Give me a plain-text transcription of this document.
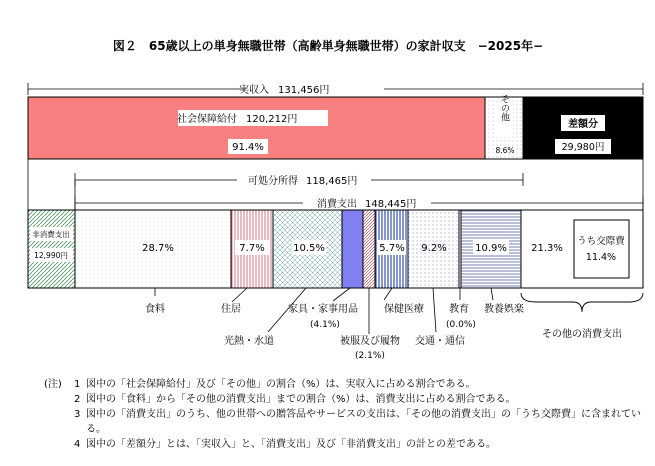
図２　65歳以上の単身無職世帯（高齢単身無職世帯）の家計収支　−2025年−
実収入 131,456円
社会保障給付 120,212円
91.4%
その他
8.6%
差額分
29,980円
可処分所得 118,465円
消費支出 148,445円
非消費支出
12,990円
28.7%	7.7%	10.5%	5.7% 9.2%	10.9% 21.3%
うち交際費
11.4%
食料	住居
光熱・水道
家具・家事用品
(4.1%)
被服及び履物
(2.1%)
保健医療
交通・通信
教育
(0.0%)
教養娯楽
その他の消費支出
(注)	1 図中の「社会保障給付」及び「その他」の割合（%）は、実収入に占める割合である。
2 図中の「食料」から「その他の消費支出」までの割合（%）は、消費支出に占める割合である。
3 図中の「消費支出」のうち、他の世帯への贈答品やサービスの支出は、「その他の消費支出」の「うち交際費」に含まれている。
4 図中の「差額分」とは、「実収入」と、「消費支出」及び「非消費支出」の計との差である。
